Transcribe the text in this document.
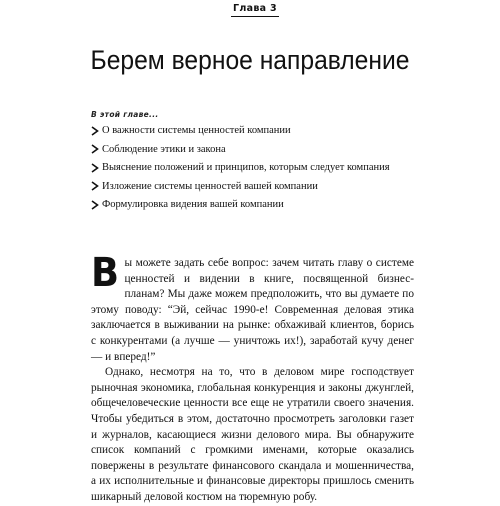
Глава 3
Берем верное направление
В этой главе...
О важности системы ценностей компании
Соблюдение этики и закона
Выяснение положений и принципов, которым следует компания
Изложение системы ценностей вашей компании
Формулировка видения вашей компании

Вы можете задать себе вопрос: зачем читать главу о системе ценностей и видении в книге, посвященной бизнес-планам? Мы даже можем предположить, что вы думаете по этому поводу: “Эй, сейчас 1990-е! Современная деловая этика заключается в выживании на рынке: обхаживай клиентов, борись с конкурентами (а лучше — уничтожь их!), заработай кучу денег — и вперед!”

Однако, несмотря на то, что в деловом мире господствует рыночная экономика, глобальная конкуренция и законы джунглей, общечеловеческие ценности все еще не утратили своего значения. Чтобы убедиться в этом, достаточно просмотреть заголовки газет и журналов, касающиеся жизни делового мира. Вы обнаружите список компаний с громкими именами, которые оказались повержены в результате финансового скандала и мошенничества, а их исполнительные и финансовые директоры пришлось сменить шикарный деловой костюм на тюремную робу.
